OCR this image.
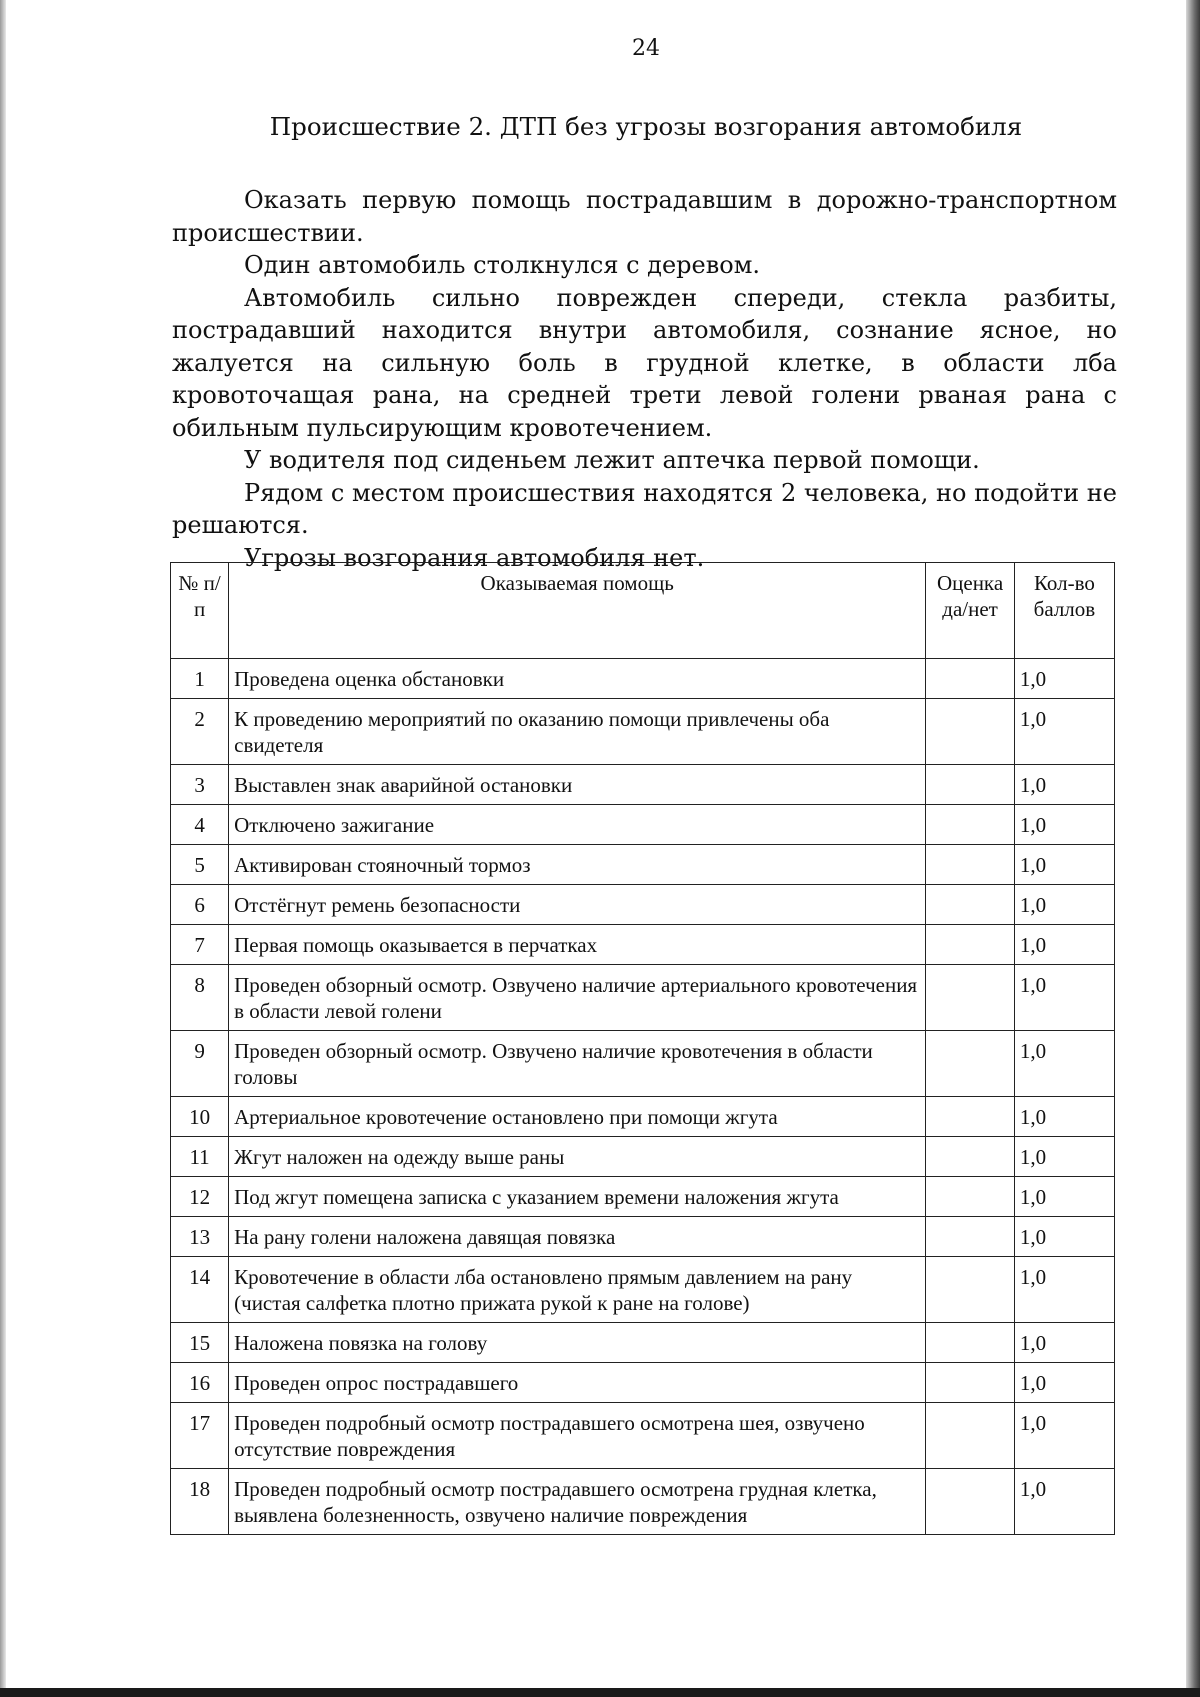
24
Происшествие 2. ДТП без угрозы возгорания автомобиля

Оказать первую помощь пострадавшим в дорожно-транспортном происшествии.

Один автомобиль столкнулся с деревом.

Автомобиль сильно поврежден спереди, стекла разбиты, пострадавший находится внутри автомобиля, сознание ясное, но жалуется на сильную боль в грудной клетке, в области лба кровоточащая рана, на средней трети левой голени рваная рана с обильным пульсирующим кровотечением.

У водителя под сиденьем лежит аптечка первой помощи.

Рядом с местом происшествия находятся 2 человека, но подойти не решаются.

Угрозы возгорания автомобиля нет.

№ п/п	Оказываемая помощь	Оценка да/нет	Кол-во баллов
1	Проведена оценка обстановки		1,0
2	К проведению мероприятий по оказанию помощи привлечены оба свидетеля		1,0
3	Выставлен знак аварийной остановки		1,0
4	Отключено зажигание		1,0
5	Активирован стояночный тормоз		1,0
6	Отстёгнут ремень безопасности		1,0
7	Первая помощь оказывается в перчатках		1,0
8	Проведен обзорный осмотр. Озвучено наличие артериального кровотечения в области левой голени		1,0
9	Проведен обзорный осмотр. Озвучено наличие кровотечения в области головы		1,0
10	Артериальное кровотечение остановлено при помощи жгута		1,0
11	Жгут наложен на одежду выше раны		1,0
12	Под жгут помещена записка с указанием времени наложения жгута		1,0
13	На рану голени наложена давящая повязка		1,0
14	Кровотечение в области лба остановлено прямым давлением на рану (чистая салфетка плотно прижата рукой к ране на голове)		1,0
15	Наложена повязка на голову		1,0
16	Проведен опрос пострадавшего		1,0
17	Проведен подробный осмотр пострадавшего осмотрена шея, озвучено отсутствие повреждения		1,0
18	Проведен подробный осмотр пострадавшего осмотрена грудная клетка, выявлена болезненность, озвучено наличие повреждения		1,0
